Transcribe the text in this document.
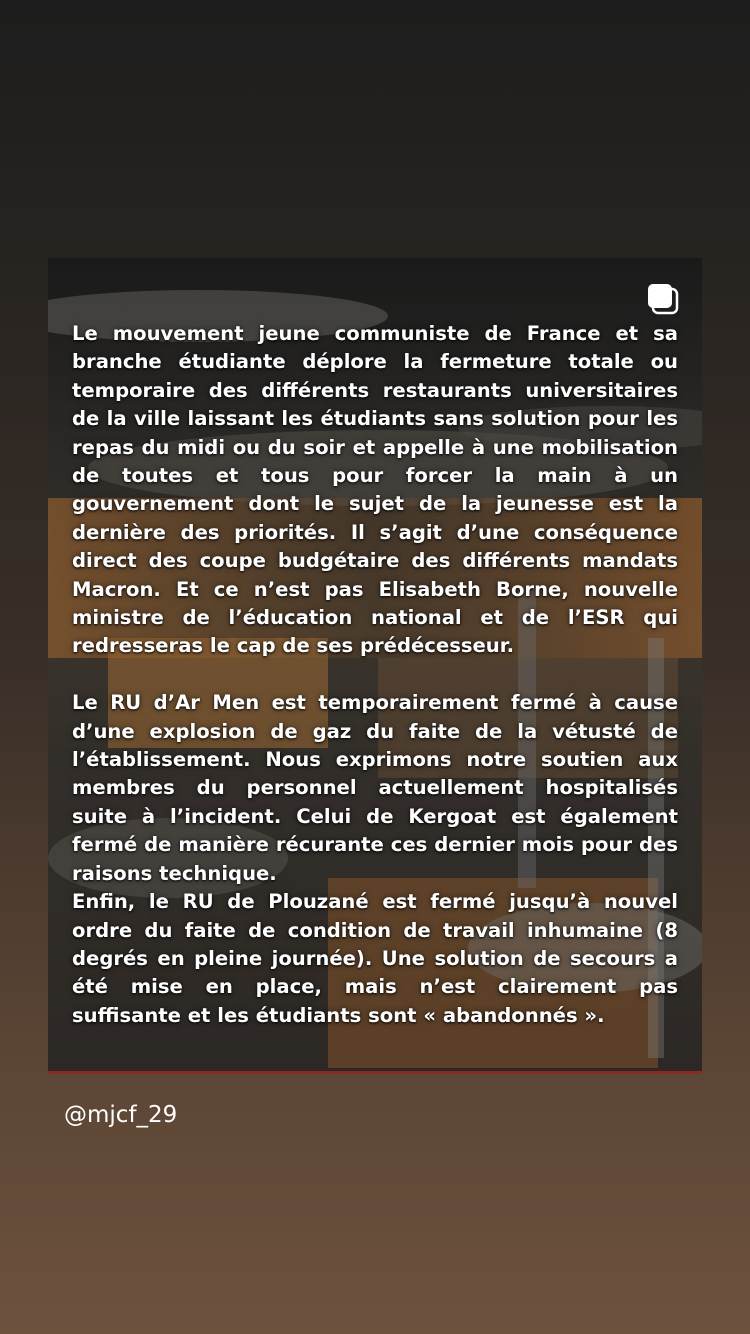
Le mouvement jeune communiste de France et sa branche étudiante déplore la fermeture totale ou temporaire des différents restaurants universitaires de la ville laissant les étudiants sans solution pour les repas du midi ou du soir et appelle à une mobilisation de toutes et tous pour forcer la main à un gouvernement dont le sujet de la jeunesse est la dernière des priorités. Il s’agit d’une conséquence direct des coupe budgétaire des différents mandats Macron. Et ce n’est pas Elisabeth Borne, nouvelle ministre de l’éducation national et de l’ESR qui redresseras le cap de ses prédécesseur.

Le RU d’Ar Men est temporairement fermé à cause d’une explosion de gaz du faite de la vétusté de l’établissement. Nous exprimons notre soutien aux membres du personnel actuellement hospitalisés suite à l’incident. Celui de Kergoat est également fermé de manière récurante ces dernier mois pour des raisons technique.

Enfin, le RU de Plouzané est fermé jusqu’à nouvel ordre du faite de condition de travail inhumaine (8 degrés en pleine journée). Une solution de secours a été mise en place, mais n’est clairement pas suffisante et les étudiants sont « abandonnés ».

@mjcf_29
